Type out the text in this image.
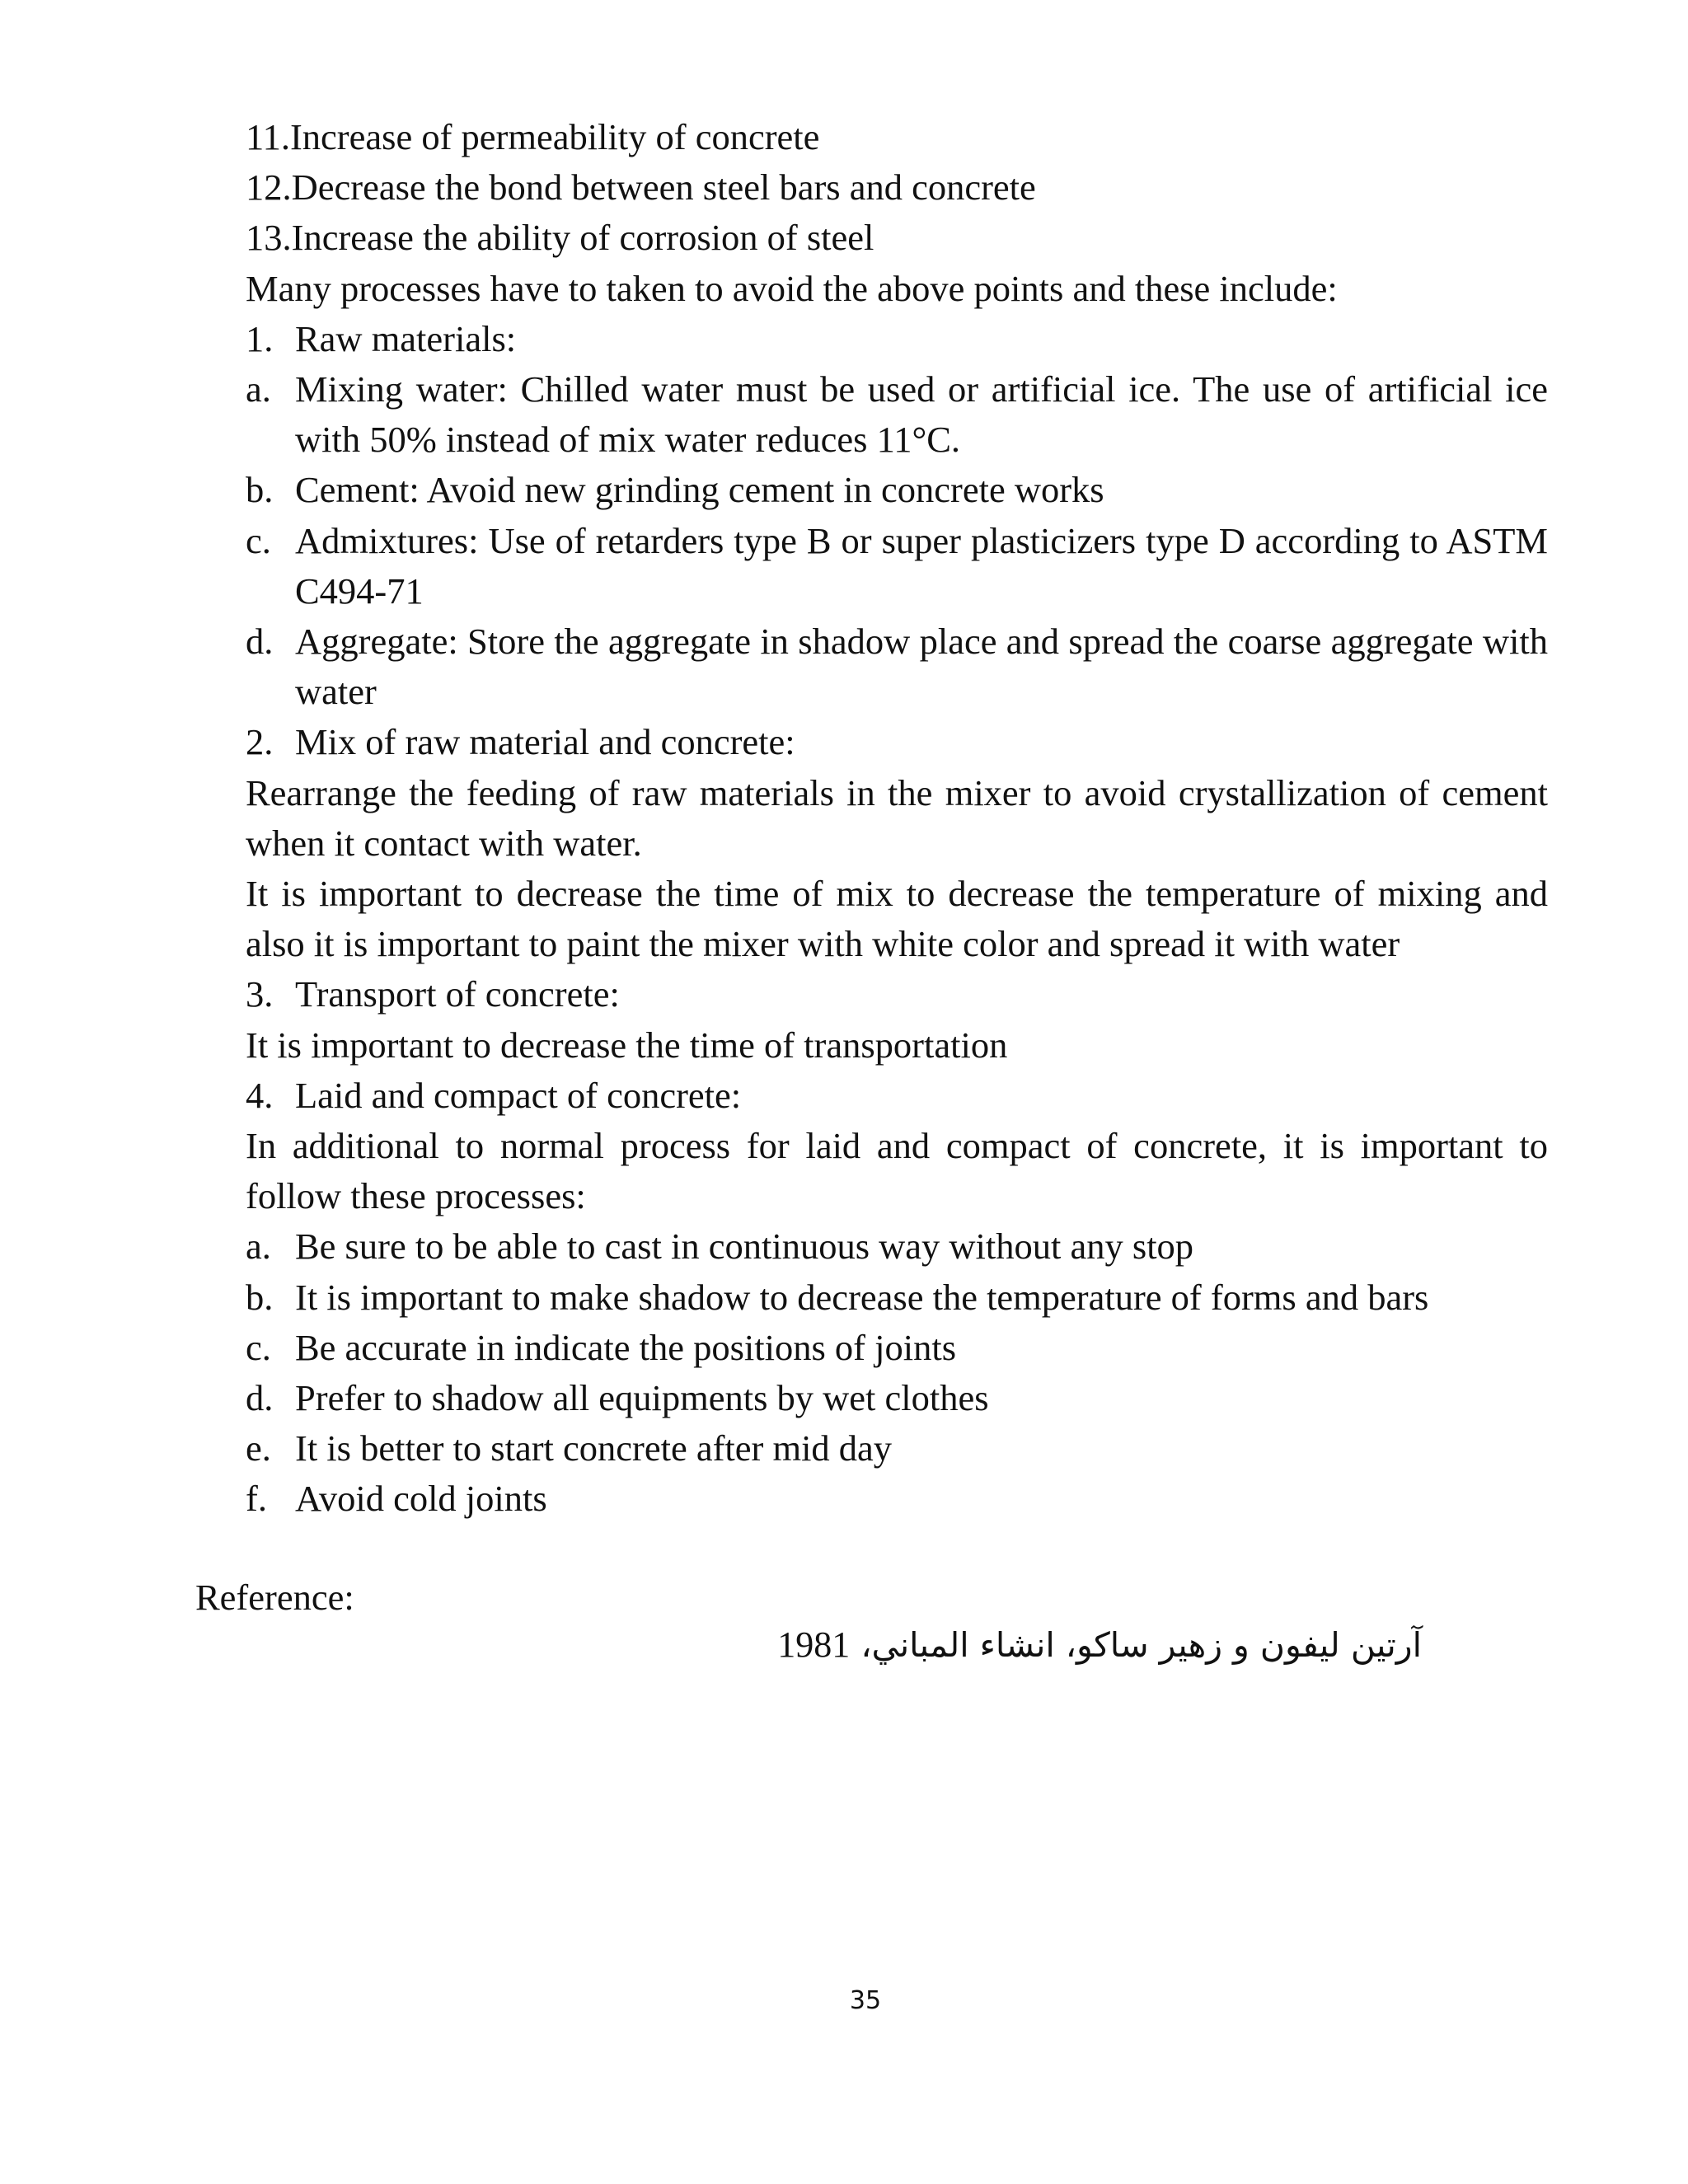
11. Increase of permeability of concrete
12. Decrease the bond between steel bars and concrete
13. Increase the ability of corrosion of steel
Many processes have to taken to avoid the above points and these include:
1. Raw materials:
a. Mixing water: Chilled water must be used or artificial ice. The use of artificial ice with 50% instead of mix water reduces 11°C.
b. Cement: Avoid new grinding cement in concrete works
c. Admixtures: Use of retarders type B or super plasticizers type D according to ASTM C494-71
d. Aggregate: Store the aggregate in shadow place and spread the coarse aggregate with water
2. Mix of raw material and concrete:
Rearrange the feeding of raw materials in the mixer to avoid crystallization of cement when it contact with water.
It is important to decrease the time of mix to decrease the temperature of mixing and also it is important to paint the mixer with white color and spread it with water
3. Transport of concrete:
It is important to decrease the time of transportation
4. Laid and compact of concrete:
In additional to normal process for laid and compact of concrete, it is important to follow these processes:
a. Be sure to be able to cast in continuous way without any stop
b. It is important to make shadow to decrease the temperature of forms and bars
c. Be accurate in indicate the positions of joints
d. Prefer to shadow all equipments by wet clothes
e. It is better to start concrete after mid day
f. Avoid cold joints
Reference:
آرتين ليفون و زهير ساكو، انشاء المباني، 1981
35
